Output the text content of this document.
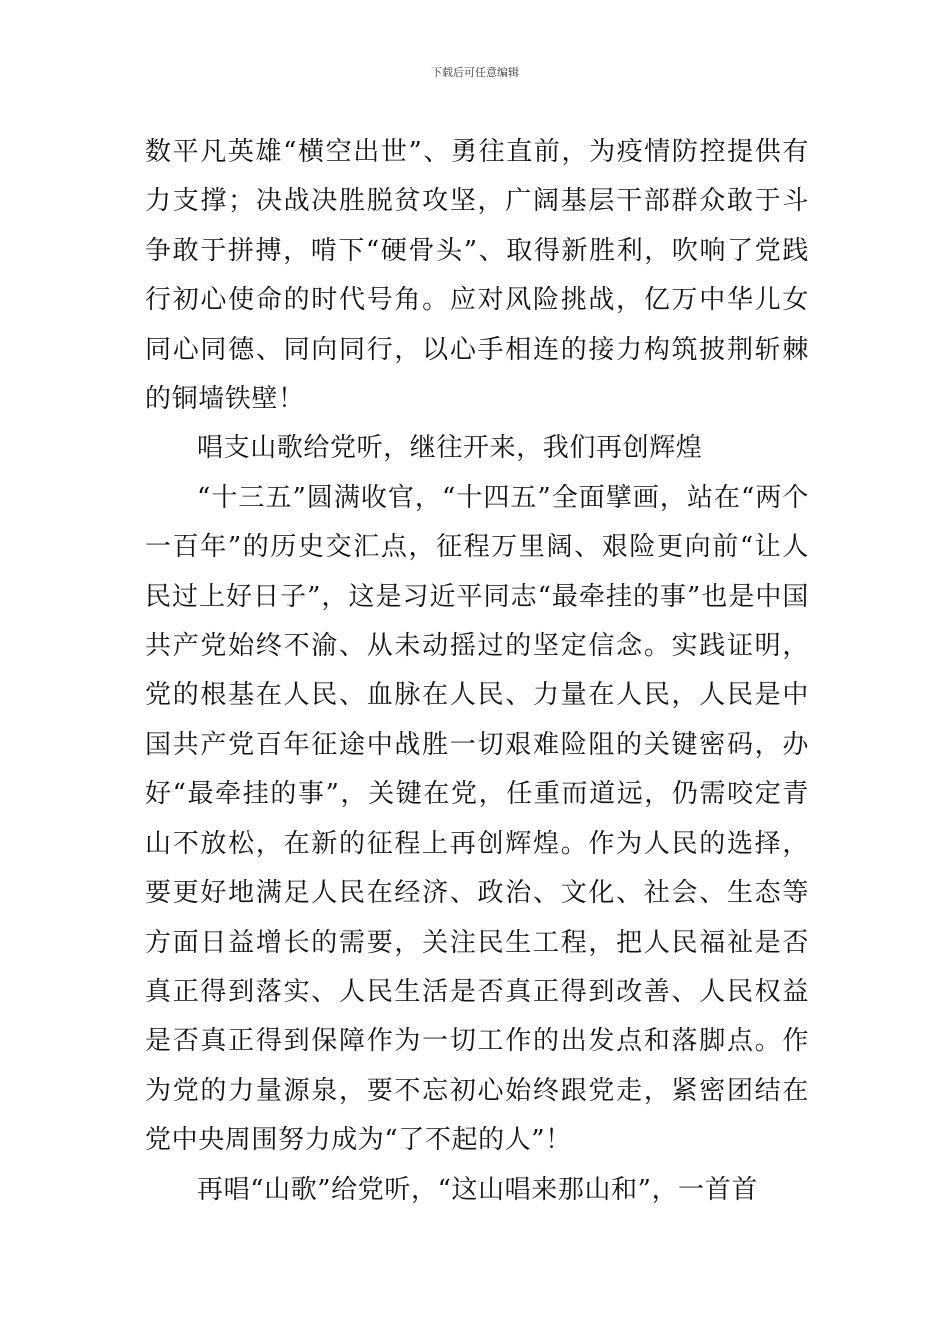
下载后可任意编辑

数平凡英雄“横空出世”、勇往直前，为疫情防控提供有力支撑；决战决胜脱贫攻坚，广阔基层干部群众敢于斗争敢于拼搏，啃下“硬骨头”、取得新胜利，吹响了党践行初心使命的时代号角。应对风险挑战，亿万中华儿女同心同德、同向同行，以心手相连的接力构筑披荆斩棘的铜墙铁壁！

唱支山歌给党听，继往开来，我们再创辉煌

“十三五”圆满收官，“十四五”全面擘画，站在“两个一百年”的历史交汇点，征程万里阔、艰险更向前“让人民过上好日子”，这是习近平同志“最牵挂的事”也是中国共产党始终不渝、从未动摇过的坚定信念。实践证明，党的根基在人民、血脉在人民、力量在人民，人民是中国共产党百年征途中战胜一切艰难险阻的关键密码，办好“最牵挂的事”，关键在党，任重而道远，仍需咬定青山不放松，在新的征程上再创辉煌。作为人民的选择，要更好地满足人民在经济、政治、文化、社会、生态等方面日益增长的需要，关注民生工程，把人民福祉是否真正得到落实、人民生活是否真正得到改善、人民权益是否真正得到保障作为一切工作的出发点和落脚点。作为党的力量源泉，要不忘初心始终跟党走，紧密团结在党中央周围努力成为“了不起的人”！

再唱“山歌”给党听，“这山唱来那山和”，一首首
